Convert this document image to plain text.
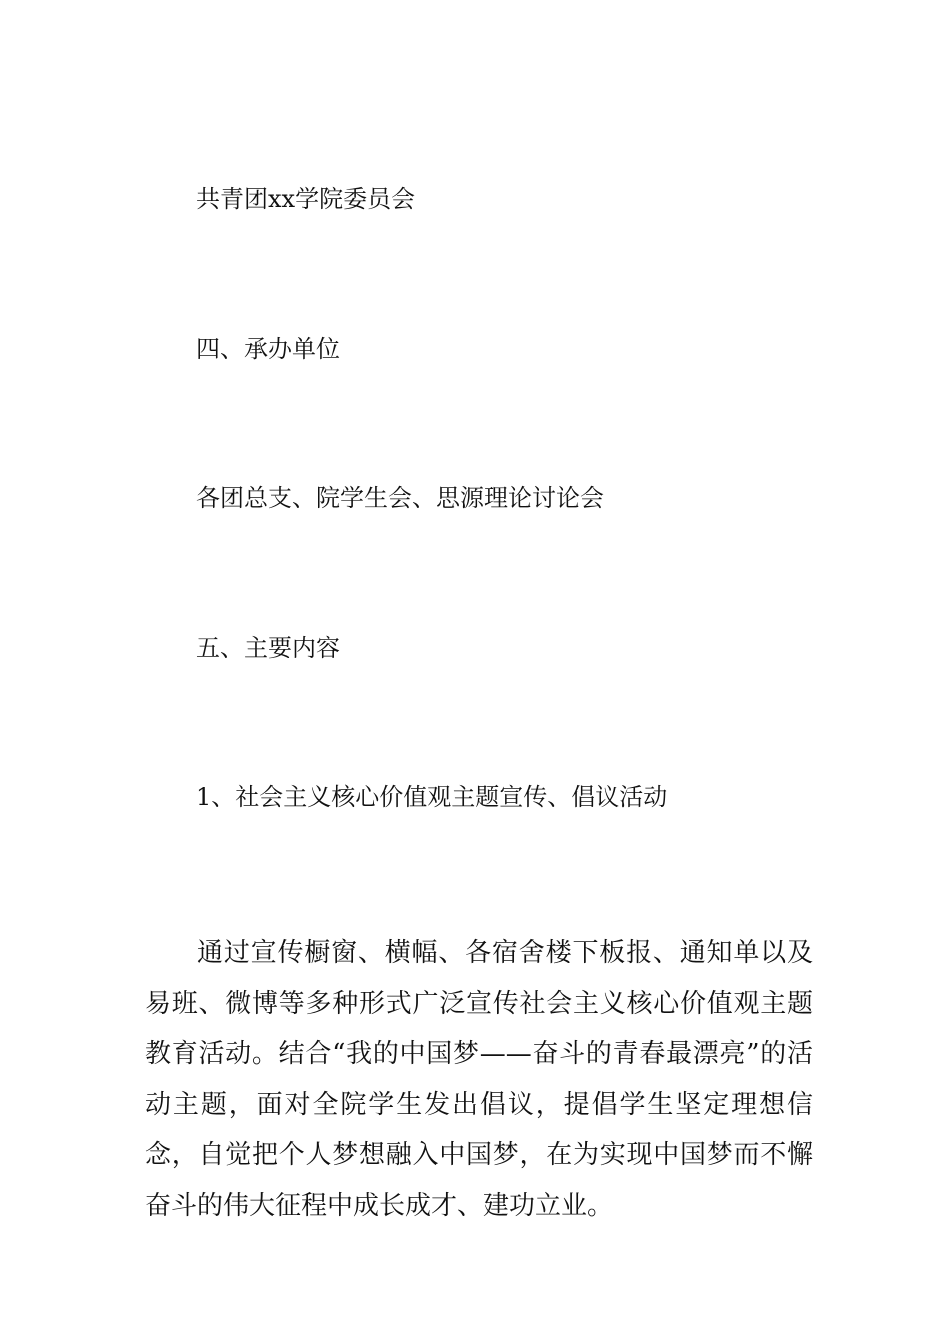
共青团xx学院委员会
四、承办单位
各团总支、院学生会、思源理论讨论会
五、主要内容
1、社会主义核心价值观主题宣传、倡议活动

通过宣传橱窗、横幅、各宿舍楼下板报、通知单以及易班、微博等多种形式广泛宣传社会主义核心价值观主题教育活动。结合“我的中国梦——奋斗的青春最漂亮”的活动主题，面对全院学生发出倡议，提倡学生坚定理想信念，自觉把个人梦想融入中国梦，在为实现中国梦而不懈奋斗的伟大征程中成长成才、建功立业。
